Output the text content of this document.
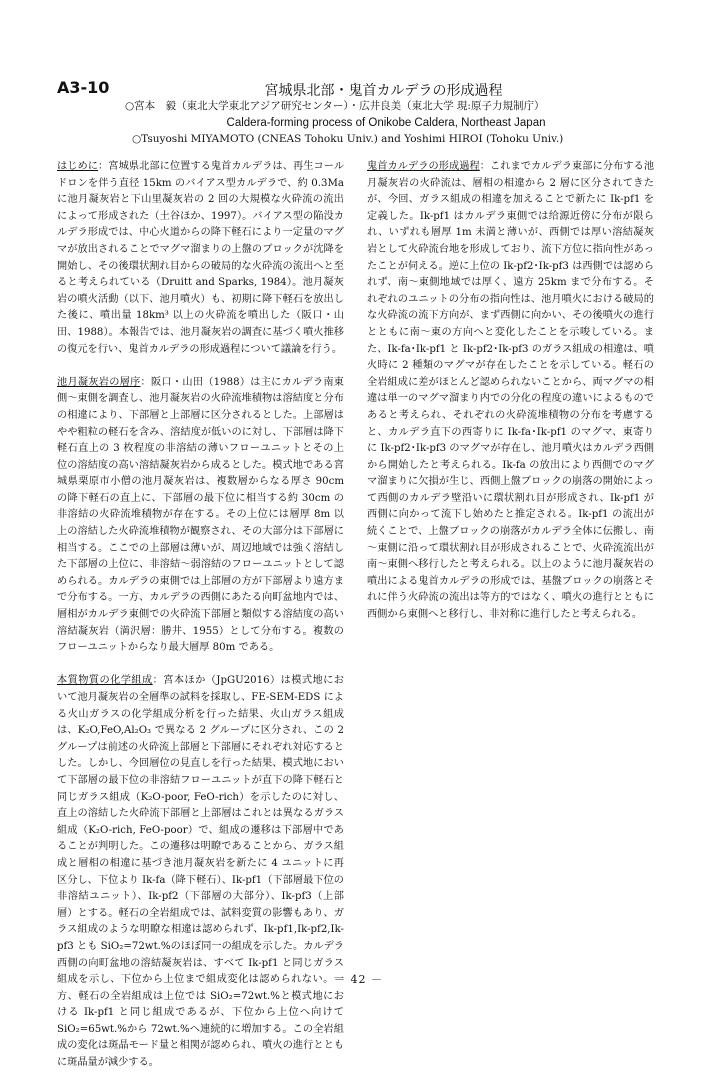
A3-10	宮城県北部・鬼首カルデラの形成過程
○宮本　毅（東北大学東北アジア研究センター）・広井良美（東北大学 現:原子力規制庁）
Caldera-forming process of Onikobe Caldera, Northeast Japan
○Tsuyoshi MIYAMOTO (CNEAS Tohoku Univ.) and Yoshimi HIROI (Tohoku Univ.)

はじめに：宮城県北部に位置する鬼首カルデラは、再生コールドロンを伴う直径 15km のバイアス型カルデラで、約 0.3Ma に池月凝灰岩と下山里凝灰岩の 2 回の大規模な火砕流の流出によって形成された（土谷ほか、1997）。バイアス型の陥没カルデラ形成では、中心火道からの降下軽石により一定量のマグマが放出されることでマグマ溜まりの上盤のブロックが沈降を開始し、その後環状割れ目からの破局的な火砕流の流出へと至ると考えられている（Druitt and Sparks, 1984）。池月凝灰岩の噴火活動（以下、池月噴火）も、初期に降下軽石を放出した後に、噴出量 18km³ 以上の火砕流を噴出した（阪口・山田、1988）。本報告では、池月凝灰岩の調査に基づく噴火推移の復元を行い、鬼首カルデラの形成過程について議論を行う。

池月凝灰岩の層序：阪口・山田（1988）は主にカルデラ南東側～東側を調査し、池月凝灰岩の火砕流堆積物は溶結度と分布の相違により、下部層と上部層に区分されるとした。上部層はやや粗粒の軽石を含み、溶結度が低いのに対し、下部層は降下軽石直上の 3 枚程度の非溶結の薄いフローユニットとその上位の溶結度の高い溶結凝灰岩から成るとした。模式地である宮城県栗原市小僧の池月凝灰岩は、複数層からなる厚さ 90cm の降下軽石の直上に、下部層の最下位に相当する約 30cm の非溶結の火砕流堆積物が存在する。その上位には層厚 8m 以上の溶結した火砕流堆積物が観察され、その大部分は下部層に相当する。ここでの上部層は薄いが、周辺地域では強く溶結した下部層の上位に、非溶結～弱溶結のフローユニットとして認められる。カルデラの東側では上部層の方が下部層より遠方まで分布する。一方、カルデラの西側にあたる向町盆地内では、層相がカルデラ東側での火砕流下部層と類似する溶結度の高い溶結凝灰岩（満沢層：勝井、1955）として分布する。複数のフローユニットからなり最大層厚 80m である。

本質物質の化学組成：宮本ほか（JpGU2016）は模式地において池月凝灰岩の全層準の試料を採取し、FE-SEM-EDS による火山ガラスの化学組成分析を行った結果、火山ガラス組成は、K₂O,FeO,Al₂O₃ で異なる 2 グループに区分され、この 2 グループは前述の火砕流上部層と下部層にそれぞれ対応するとした。しかし、今回層位の見直しを行った結果、模式地において下部層の最下位の非溶結フローユニットが直下の降下軽石と同じガラス組成（K₂O-poor, FeO-rich）を示したのに対し、直上の溶結した火砕流下部層と上部層はこれとは異なるガラス組成（K₂O-rich, FeO-poor）で、組成の遷移は下部層中であることが判明した。この遷移は明瞭であることから、ガラス組成と層相の相違に基づき池月凝灰岩を新たに 4 ユニットに再区分し、下位より Ik-fa（降下軽石）、Ik-pf1（下部層最下位の非溶結ユニット）、Ik-pf2（下部層の大部分）、Ik-pf3（上部層）とする。軽石の全岩組成では、試料変質の影響もあり、ガラス組成のような明瞭な相違は認められず、Ik-pf1,Ik-pf2,Ik-pf3 とも SiO₂=72wt.%のほぼ同一の組成を示した。カルデラ西側の向町盆地の溶結凝灰岩は、すべて Ik-pf1 と同じガラス組成を示し、下位から上位まで組成変化は認められない。一方、軽石の全岩組成は上位では SiO₂=72wt.%と模式地における Ik-pf1 と同じ組成であるが、下位から上位へ向けて SiO₂=65wt.%から 72wt.%へ連続的に増加する。この全岩組成の変化は斑晶モード量と相関が認められ、噴火の進行とともに斑晶量が減少する。

鬼首カルデラの形成過程：これまでカルデラ東部に分布する池月凝灰岩の火砕流は、層相の相違から 2 層に区分されてきたが、今回、ガラス組成の相違を加えることで新たに Ik-pf1 を定義した。Ik-pf1 はカルデラ東側では给源近傍に分布が限られ、いずれも層厚 1m 未満と薄いが、西側では厚い溶結凝灰岩として火砕流台地を形成しており、流下方位に指向性があったことが伺える。逆に上位の Ik-pf2･Ik-pf3 は西側では認められず、南～東側地域では厚く、遠方 25km まで分布する。それぞれのユニットの分布の指向性は、池月噴火における破局的な火砕流の流下方向が、まず西側に向かい、その後噴火の進行とともに南～東の方向へと変化したことを示唆している。また、Ik-fa･Ik-pf1 と Ik-pf2･Ik-pf3 のガラス組成の相違は、噴火時に 2 種類のマグマが存在したことを示している。軽石の全岩組成に差がほとんど認められないことから、両マグマの相違は単一のマグマ溜まり内での分化の程度の違いによるものであると考えられ、それぞれの火砕流堆積物の分布を考慮すると、カルデラ直下の西寄りに Ik-fa･Ik-pf1 のマグマ、東寄りに Ik-pf2･Ik-pf3 のマグマが存在し、池月噴火はカルデラ西側から開始したと考えられる。Ik-fa の放出により西側でのマグマ溜まりに欠損が生じ、西側上盤ブロックの崩落の開始によって西側のカルデラ壁沿いに環状割れ目が形成され、Ik-pf1 が西側に向かって流下し始めたと推定される。Ik-pf1 の流出が続くことで、上盤ブロックの崩落がカルデラ全体に伝搬し、南～東側に沿って環状割れ目が形成されることで、火砕流流出が南～東側へ移行したと考えられる。以上のように池月凝灰岩の噴出による鬼首カルデラの形成では、基盤ブロックの崩落とそれに伴う火砕流の流出は等方的ではなく、噴火の進行とともに西側から東側へと移行し、非対称に進行したと考えられる。

－ 42 －
